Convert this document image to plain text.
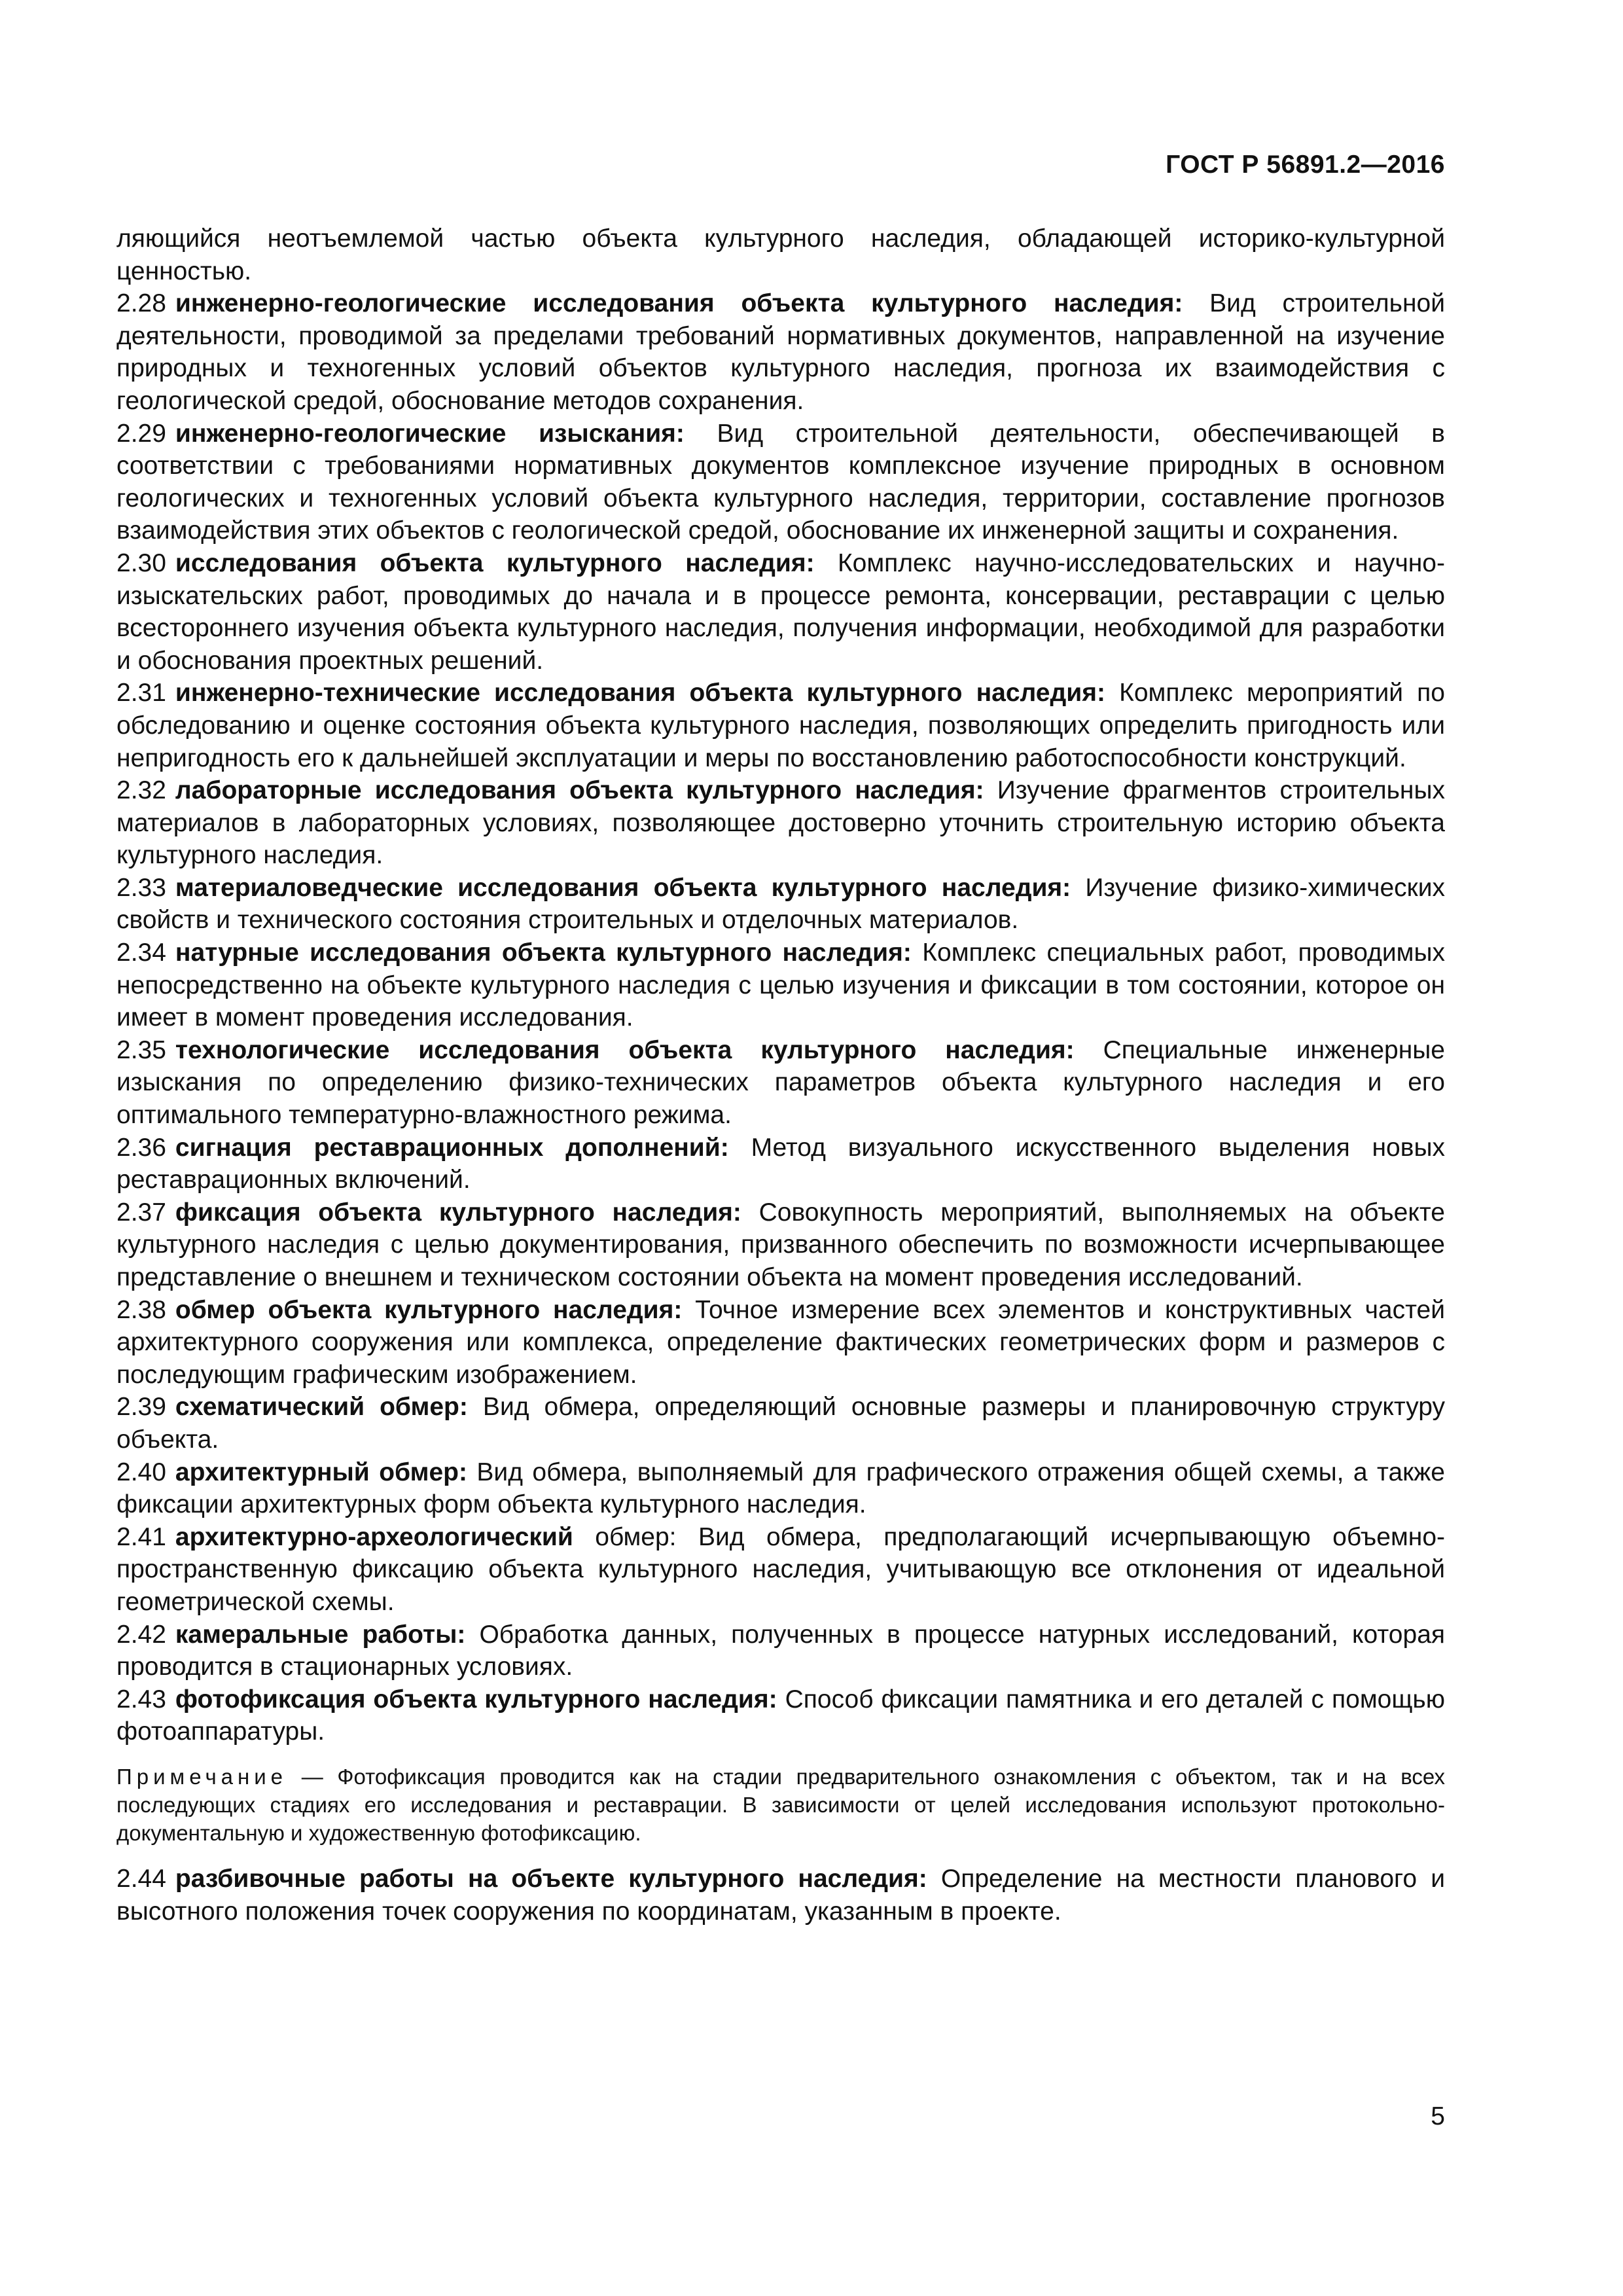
ГОСТ Р 56891.2—2016

ляющийся неотъемлемой частью объекта культурного наследия, обладающей историко-культурной ценностью.

2.28 инженерно-геологические исследования объекта культурного наследия: Вид строительной деятельности, проводимой за пределами требований нормативных документов, направленной на изучение природных и техногенных условий объектов культурного наследия, прогноза их взаимодействия с геологической средой, обоснование методов сохранения.

2.29 инженерно-геологические изыскания: Вид строительной деятельности, обеспечивающей в соответствии с требованиями нормативных документов комплексное изучение природных в основном геологических и техногенных условий объекта культурного наследия, территории, составление прогнозов взаимодействия этих объектов с геологической средой, обоснование их инженерной защиты и сохранения.

2.30 исследования объекта культурного наследия: Комплекс научно-исследовательских и научно-изыскательских работ, проводимых до начала и в процессе ремонта, консервации, реставрации с целью всестороннего изучения объекта культурного наследия, получения информации, необходимой для разработки и обоснования проектных решений.

2.31 инженерно-технические исследования объекта культурного наследия: Комплекс мероприятий по обследованию и оценке состояния объекта культурного наследия, позволяющих определить пригодность или непригодность его к дальнейшей эксплуатации и меры по восстановлению работоспособности конструкций.

2.32 лабораторные исследования объекта культурного наследия: Изучение фрагментов строительных материалов в лабораторных условиях, позволяющее достоверно уточнить строительную историю объекта культурного наследия.

2.33 материаловедческие исследования объекта культурного наследия: Изучение физико-химических свойств и технического состояния строительных и отделочных материалов.

2.34 натурные исследования объекта культурного наследия: Комплекс специальных работ, проводимых непосредственно на объекте культурного наследия с целью изучения и фиксации в том состоянии, которое он имеет в момент проведения исследования.

2.35 технологические исследования объекта культурного наследия: Специальные инженерные изыскания по определению физико-технических параметров объекта культурного наследия и его оптимального температурно-влажностного режима.

2.36 сигнация реставрационных дополнений: Метод визуального искусственного выделения новых реставрационных включений.

2.37 фиксация объекта культурного наследия: Совокупность мероприятий, выполняемых на объекте культурного наследия с целью документирования, призванного обеспечить по возможности исчерпывающее представление о внешнем и техническом состоянии объекта на момент проведения исследований.

2.38 обмер объекта культурного наследия: Точное измерение всех элементов и конструктивных частей архитектурного сооружения или комплекса, определение фактических геометрических форм и размеров с последующим графическим изображением.

2.39 схематический обмер: Вид обмера, определяющий основные размеры и планировочную структуру объекта.

2.40 архитектурный обмер: Вид обмера, выполняемый для графического отражения общей схемы, а также фиксации архитектурных форм объекта культурного наследия.

2.41 архитектурно-археологический обмер: Вид обмера, предполагающий исчерпывающую объемно-пространственную фиксацию объекта культурного наследия, учитывающую все отклонения от идеальной геометрической схемы.

2.42 камеральные работы: Обработка данных, полученных в процессе натурных исследований, которая проводится в стационарных условиях.

2.43 фотофиксация объекта культурного наследия: Способ фиксации памятника и его деталей с помощью фотоаппаратуры.

Примечание — Фотофиксация проводится как на стадии предварительного ознакомления с объектом, так и на всех последующих стадиях его исследования и реставрации. В зависимости от целей исследования используют протокольно-документальную и художественную фотофиксацию.

2.44 разбивочные работы на объекте культурного наследия: Определение на местности планового и высотного положения точек сооружения по координатам, указанным в проекте.

5
